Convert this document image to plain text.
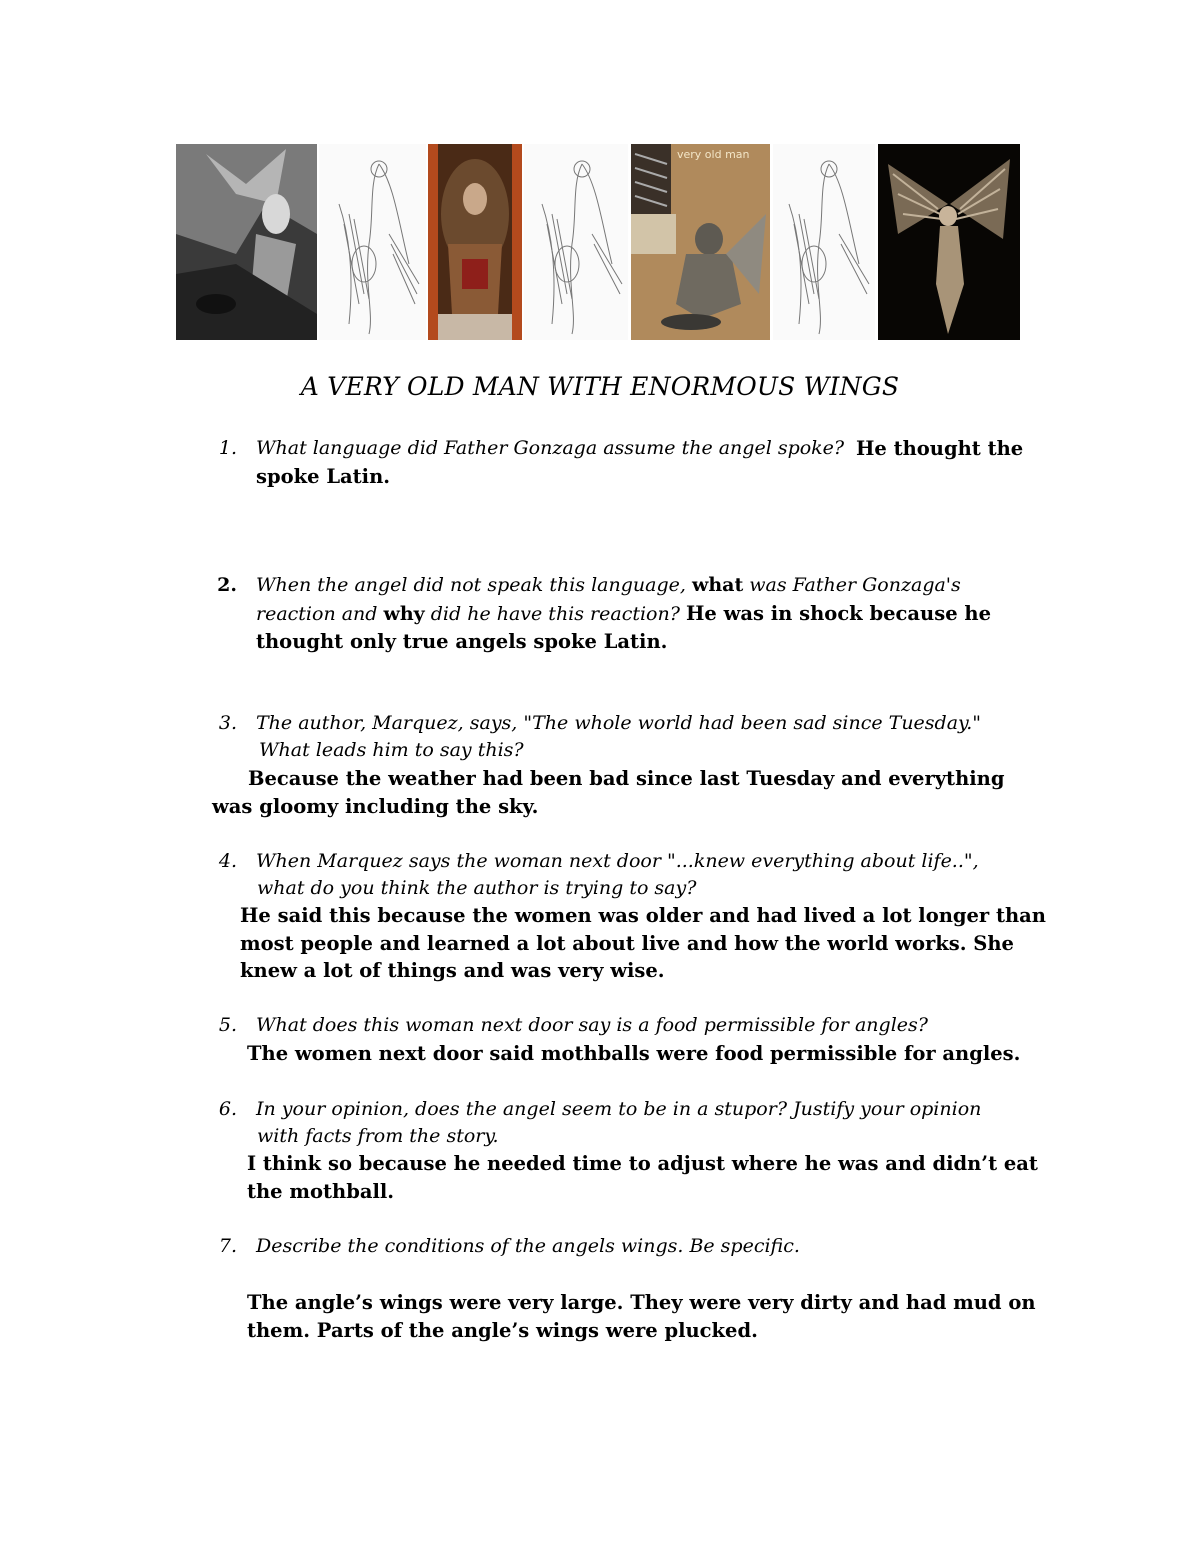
very old man
A VERY OLD MAN WITH ENORMOUS WINGS
1. What language did Father Gonzaga assume the angel spoke? He thought the
spoke Latin.
2. When the angel did not speak this language, what was Father Gonzaga's
reaction and why did he have this reaction? He was in shock because he
thought only true angels spoke Latin.
3. The author, Marquez, says, "The whole world had been sad since Tuesday."
What leads him to say this?
Because the weather had been bad since last Tuesday and everything
was gloomy including the sky.
4. When Marquez says the woman next door "...knew everything about life..",
what do you think the author is trying to say?
He said this because the women was older and had lived a lot longer than
most people and learned a lot about live and how the world works. She
knew a lot of things and was very wise.
5. What does this woman next door say is a food permissible for angles?
The women next door said mothballs were food permissible for angles.
6. In your opinion, does the angel seem to be in a stupor? Justify your opinion
with facts from the story.
I think so because he needed time to adjust where he was and didn’t eat
the mothball.
7. Describe the conditions of the angels wings. Be specific.
The angle’s wings were very large. They were very dirty and had mud on
them. Parts of the angle’s wings were plucked.
